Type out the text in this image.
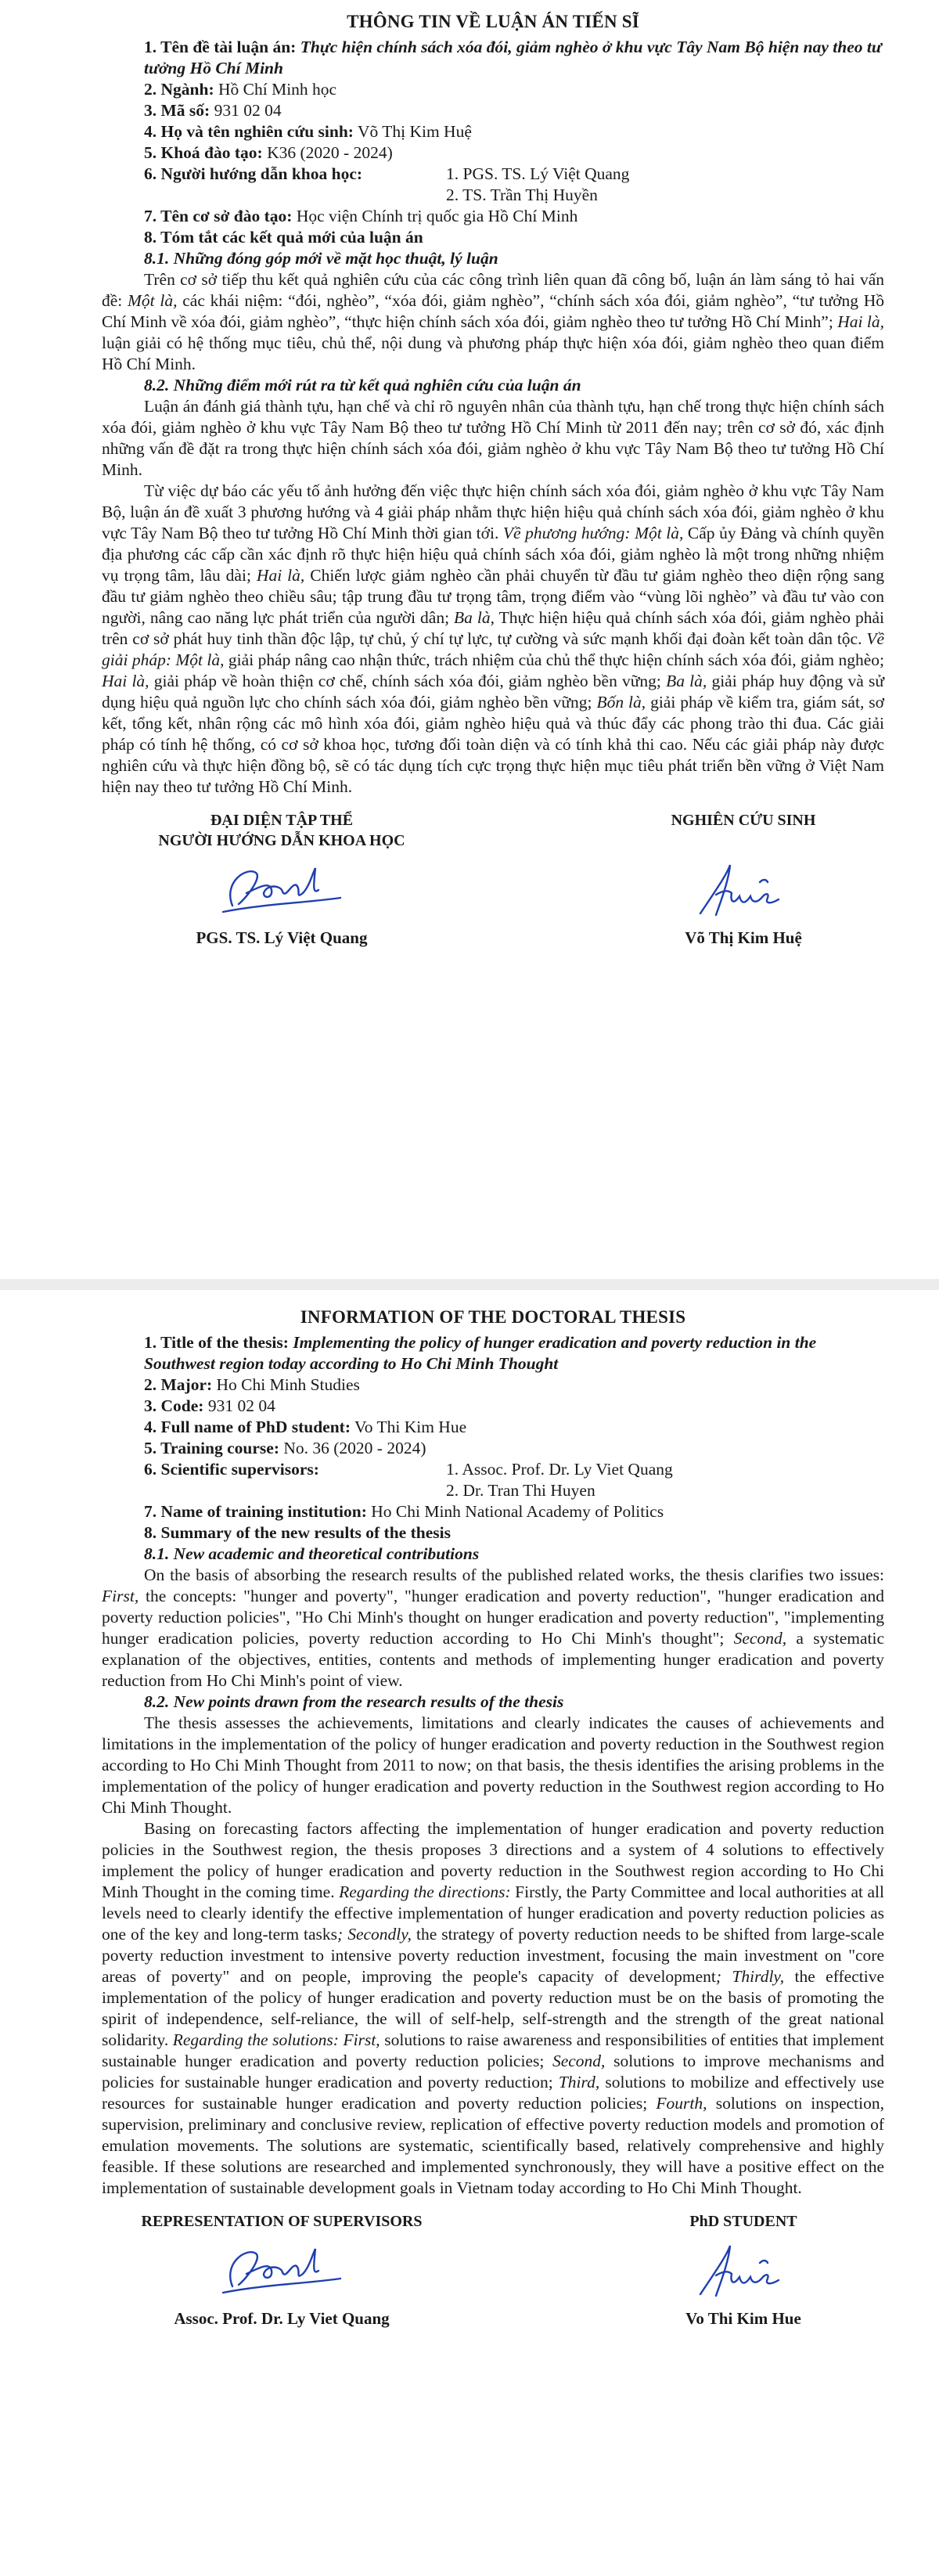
THÔNG TIN VỀ LUẬN ÁN TIẾN SĨ

1. Tên đề tài luận án: Thực hiện chính sách xóa đói, giảm nghèo ở khu vực Tây Nam Bộ hiện nay theo tư tưởng Hồ Chí Minh

2. Ngành: Hồ Chí Minh học

3. Mã số: 931 02 04

4. Họ và tên nghiên cứu sinh: Võ Thị Kim Huệ

5. Khoá đào tạo: K36 (2020 - 2024)

6. Người hướng dẫn khoa học:	1. PGS. TS. Lý Việt Quang

2. TS. Trần Thị Huyền

7. Tên cơ sở đào tạo: Học viện Chính trị quốc gia Hồ Chí Minh

8. Tóm tắt các kết quả mới của luận án

8.1. Những đóng góp mới về mặt học thuật, lý luận

Trên cơ sở tiếp thu kết quả nghiên cứu của các công trình liên quan đã công bố, luận án làm sáng tỏ hai vấn đề: Một là, các khái niệm: “đói, nghèo”, “xóa đói, giảm nghèo”, “chính sách xóa đói, giảm nghèo”, “tư tưởng Hồ Chí Minh về xóa đói, giảm nghèo”, “thực hiện chính sách xóa đói, giảm nghèo theo tư tưởng Hồ Chí Minh”; Hai là, luận giải có hệ thống mục tiêu, chủ thể, nội dung và phương pháp thực hiện xóa đói, giảm nghèo theo quan điểm Hồ Chí Minh.

8.2. Những điểm mới rút ra từ kết quả nghiên cứu của luận án

Luận án đánh giá thành tựu, hạn chế và chỉ rõ nguyên nhân của thành tựu, hạn chế trong thực hiện chính sách xóa đói, giảm nghèo ở khu vực Tây Nam Bộ theo tư tưởng Hồ Chí Minh từ 2011 đến nay; trên cơ sở đó, xác định những vấn đề đặt ra trong thực hiện chính sách xóa đói, giảm nghèo ở khu vực Tây Nam Bộ theo tư tưởng Hồ Chí Minh.

Từ việc dự báo các yếu tố ảnh hưởng đến việc thực hiện chính sách xóa đói, giảm nghèo ở khu vực Tây Nam Bộ, luận án đề xuất 3 phương hướng và 4 giải pháp nhằm thực hiện hiệu quả chính sách xóa đói, giảm nghèo ở khu vực Tây Nam Bộ theo tư tưởng Hồ Chí Minh thời gian tới. Về phương hướng: Một là, Cấp ủy Đảng và chính quyền địa phương các cấp cần xác định rõ thực hiện hiệu quả chính sách xóa đói, giảm nghèo là một trong những nhiệm vụ trọng tâm, lâu dài; Hai là, Chiến lược giảm nghèo cần phải chuyển từ đầu tư giảm nghèo theo diện rộng sang đầu tư giảm nghèo theo chiều sâu; tập trung đầu tư trọng tâm, trọng điểm vào “vùng lõi nghèo” và đầu tư vào con người, nâng cao năng lực phát triển của người dân; Ba là, Thực hiện hiệu quả chính sách xóa đói, giảm nghèo phải trên cơ sở phát huy tinh thần độc lập, tự chủ, ý chí tự lực, tự cường và sức mạnh khối đại đoàn kết toàn dân tộc. Về giải pháp: Một là, giải pháp nâng cao nhận thức, trách nhiệm của chủ thể thực hiện chính sách xóa đói, giảm nghèo; Hai là, giải pháp về hoàn thiện cơ chế, chính sách xóa đói, giảm nghèo bền vững; Ba là, giải pháp huy động và sử dụng hiệu quả nguồn lực cho chính sách xóa đói, giảm nghèo bền vững; Bốn là, giải pháp về kiểm tra, giám sát, sơ kết, tổng kết, nhân rộng các mô hình xóa đói, giảm nghèo hiệu quả và thúc đẩy các phong trào thi đua. Các giải pháp có tính hệ thống, có cơ sở khoa học, tương đối toàn diện và có tính khả thi cao. Nếu các giải pháp này được nghiên cứu và thực hiện đồng bộ, sẽ có tác dụng tích cực trọng thực hiện mục tiêu phát triển bền vững ở Việt Nam hiện nay theo tư tưởng Hồ Chí Minh.

ĐẠI DIỆN TẬP THỂ
NGƯỜI HƯỚNG DẪN KHOA HỌC
PGS. TS. Lý Việt Quang
NGHIÊN CỨU SINH

Võ Thị Kim Huệ
INFORMATION OF THE DOCTORAL THESIS

1. Title of the thesis: Implementing the policy of hunger eradication and poverty reduction in the Southwest region today according to Ho Chi Minh Thought

2. Major: Ho Chi Minh Studies

3. Code: 931 02 04

4. Full name of PhD student: Vo Thi Kim Hue

5. Training course: No. 36 (2020 - 2024)

6. Scientific supervisors:	1. Assoc. Prof. Dr. Ly Viet Quang

2. Dr. Tran Thi Huyen

7. Name of training institution: Ho Chi Minh National Academy of Politics

8. Summary of the new results of the thesis

8.1. New academic and theoretical contributions

On the basis of absorbing the research results of the published related works, the thesis clarifies two issues: First, the concepts: "hunger and poverty", "hunger eradication and poverty reduction", "hunger eradication and poverty reduction policies", "Ho Chi Minh's thought on hunger eradication and poverty reduction", "implementing hunger eradication policies, poverty reduction according to Ho Chi Minh's thought"; Second, a systematic explanation of the objectives, entities, contents and methods of implementing hunger eradication and poverty reduction from Ho Chi Minh's point of view.

8.2. New points drawn from the research results of the thesis

The thesis assesses the achievements, limitations and clearly indicates the causes of achievements and limitations in the implementation of the policy of hunger eradication and poverty reduction in the Southwest region according to Ho Chi Minh Thought from 2011 to now; on that basis, the thesis identifies the arising problems in the implementation of the policy of hunger eradication and poverty reduction in the Southwest region according to Ho Chi Minh Thought.

Basing on forecasting factors affecting the implementation of hunger eradication and poverty reduction policies in the Southwest region, the thesis proposes 3 directions and a system of 4 solutions to effectively implement the policy of hunger eradication and poverty reduction in the Southwest region according to Ho Chi Minh Thought in the coming time. Regarding the directions: Firstly, the Party Committee and local authorities at all levels need to clearly identify the effective implementation of hunger eradication and poverty reduction policies as one of the key and long-term tasks; Secondly, the strategy of poverty reduction needs to be shifted from large-scale poverty reduction investment to intensive poverty reduction investment, focusing the main investment on "core areas of poverty" and on people, improving the people's capacity of development; Thirdly, the effective implementation of the policy of hunger eradication and poverty reduction must be on the basis of promoting the spirit of independence, self-reliance, the will of self-help, self-strength and the strength of the great national solidarity. Regarding the solutions: First, solutions to raise awareness and responsibilities of entities that implement sustainable hunger eradication and poverty reduction policies; Second, solutions to improve mechanisms and policies for sustainable hunger eradication and poverty reduction; Third, solutions to mobilize and effectively use resources for sustainable hunger eradication and poverty reduction policies; Fourth, solutions on inspection, supervision, preliminary and conclusive review, replication of effective poverty reduction models and promotion of emulation movements. The solutions are systematic, scientifically based, relatively comprehensive and highly feasible. If these solutions are researched and implemented synchronously, they will have a positive effect on the implementation of sustainable development goals in Vietnam today according to Ho Chi Minh Thought.

REPRESENTATION OF SUPERVISORS
Assoc. Prof. Dr. Ly Viet Quang
PhD STUDENT
Vo Thi Kim Hue
